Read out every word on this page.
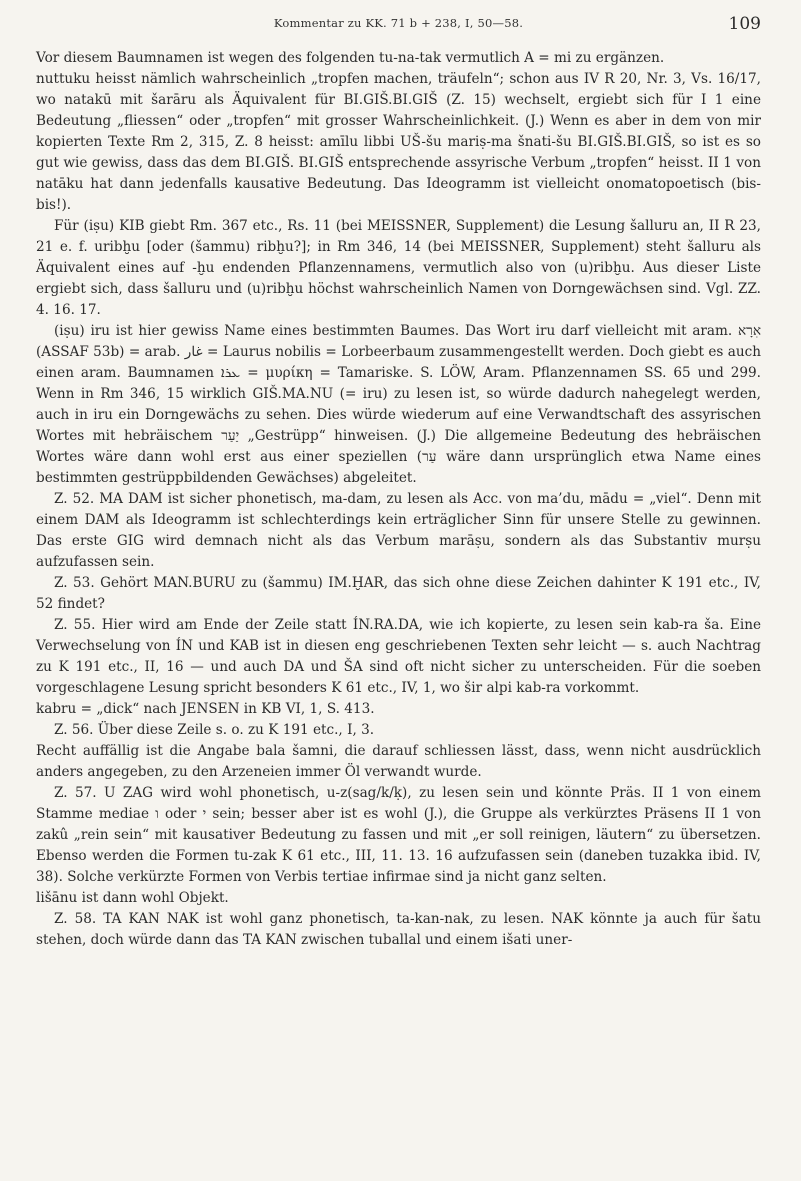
Kommentar zu KK. 71 b + 238, I, 50—58.	109

Vor diesem Baumnamen ist wegen des folgenden tu-na-tak vermutlich A = mi zu ergänzen.

nuttuku heisst nämlich wahrscheinlich „tropfen machen, träufeln“; schon aus IV R 20, Nr. 3, Vs. 16/17, wo natakū mit šarāru als Äquivalent für BI.GIŠ.BI.GIŠ (Z. 15) wechselt, ergiebt sich für I 1 eine Bedeutung „fliessen“ oder „tropfen“ mit grosser Wahrscheinlichkeit. (J.) Wenn es aber in dem von mir kopierten Texte Rm 2, 315, Z. 8 heisst: amīlu libbi UŠ-šu mariṣ-ma šnati-šu BI.GIŠ.BI.GIŠ, so ist es so gut wie gewiss, dass das dem BI.GIŠ. BI.GIŠ entsprechende assyrische Verbum „tropfen“ heisst. II 1 von natāku hat dann jedenfalls kausative Bedeutung. Das Ideogramm ist vielleicht onomatopoetisch (bis-bis!).

Für (iṣu) KIB giebt Rm. 367 etc., Rs. 11 (bei MEISSNER, Supplement) die Lesung šalluru an, II R 23, 21 e. f. uribḫu [oder (šammu) ribḫu?]; in Rm 346, 14 (bei MEISSNER, Supplement) steht šalluru als Äquivalent eines auf -ḫu endenden Pflanzennamens, vermutlich also von (u)ribḫu. Aus dieser Liste ergiebt sich, dass šalluru und (u)ribḫu höchst wahrscheinlich Namen von Dorngewächsen sind. Vgl. ZZ. 4. 16. 17.

(iṣu) iru ist hier gewiss Name eines bestimmten Baumes. Das Wort iru darf vielleicht mit aram. אִרָא (ASSAF 53b) = arab. غار = Laurus nobilis = Lorbeerbaum zusammengestellt werden. Doch giebt es auch einen aram. Baumnamen ܥܪܐ = μυρίκη = Tamariske. S. LÖW, Aram. Pflanzennamen SS. 65 und 299. Wenn in Rm 346, 15 wirklich GIŠ.MA.NU (= iru) zu lesen ist, so würde dadurch nahegelegt werden, auch in iru ein Dorngewächs zu sehen. Dies würde wiederum auf eine Verwandtschaft des assyrischen Wortes mit hebräischem יַעַר „Gestrüpp“ hinweisen. (J.) Die allgemeine Bedeutung des hebräischen Wortes wäre dann wohl erst aus einer speziellen (עַר wäre dann ursprünglich etwa Name eines bestimmten gestrüppbildenden Gewächses) abgeleitet.

Z. 52. MA DAM ist sicher phonetisch, ma-dam, zu lesen als Acc. von ma’du, mādu = „viel“. Denn mit einem DAM als Ideogramm ist schlechterdings kein erträglicher Sinn für unsere Stelle zu gewinnen. Das erste GIG wird demnach nicht als das Verbum marāṣu, sondern als das Substantiv murṣu aufzufassen sein.

Z. 53. Gehört MAN.BURU zu (šammu) IM.ḪAR, das sich ohne diese Zeichen dahinter K 191 etc., IV, 52 findet?

Z. 55. Hier wird am Ende der Zeile statt ÍN.RA.DA, wie ich kopierte, zu lesen sein kab-ra ša. Eine Verwechselung von ÍN und KAB ist in diesen eng geschriebenen Texten sehr leicht — s. auch Nachtrag zu K 191 etc., II, 16 — und auch DA und ŠA sind oft nicht sicher zu unterscheiden. Für die soeben vorgeschlagene Lesung spricht besonders K 61 etc., IV, 1, wo šir alpi kab-ra vorkommt.

kabru = „dick“ nach JENSEN in KB VI, 1, S. 413.

Z. 56. Über diese Zeile s. o. zu K 191 etc., I, 3.

Recht auffällig ist die Angabe bala šamni, die darauf schliessen lässt, dass, wenn nicht ausdrücklich anders angegeben, zu den Arzeneien immer Öl verwandt wurde.

Z. 57. U ZAG wird wohl phonetisch, u-z(sag/k/ḳ), zu lesen sein und könnte Präs. II 1 von einem Stamme mediae ו oder י sein; besser aber ist es wohl (J.), die Gruppe als verkürztes Präsens II 1 von zakû „rein sein“ mit kausativer Bedeutung zu fassen und mit „er soll reinigen, läutern“ zu übersetzen. Ebenso werden die Formen tu-zak K 61 etc., III, 11. 13. 16 aufzufassen sein (daneben tuzakka ibid. IV, 38). Solche verkürzte Formen von Verbis tertiae infirmae sind ja nicht ganz selten.

lišānu ist dann wohl Objekt.

Z. 58. TA KAN NAK ist wohl ganz phonetisch, ta-kan-nak, zu lesen. NAK könnte ja auch für šatu stehen, doch würde dann das TA KAN zwischen tuballal und einem išati uner-
